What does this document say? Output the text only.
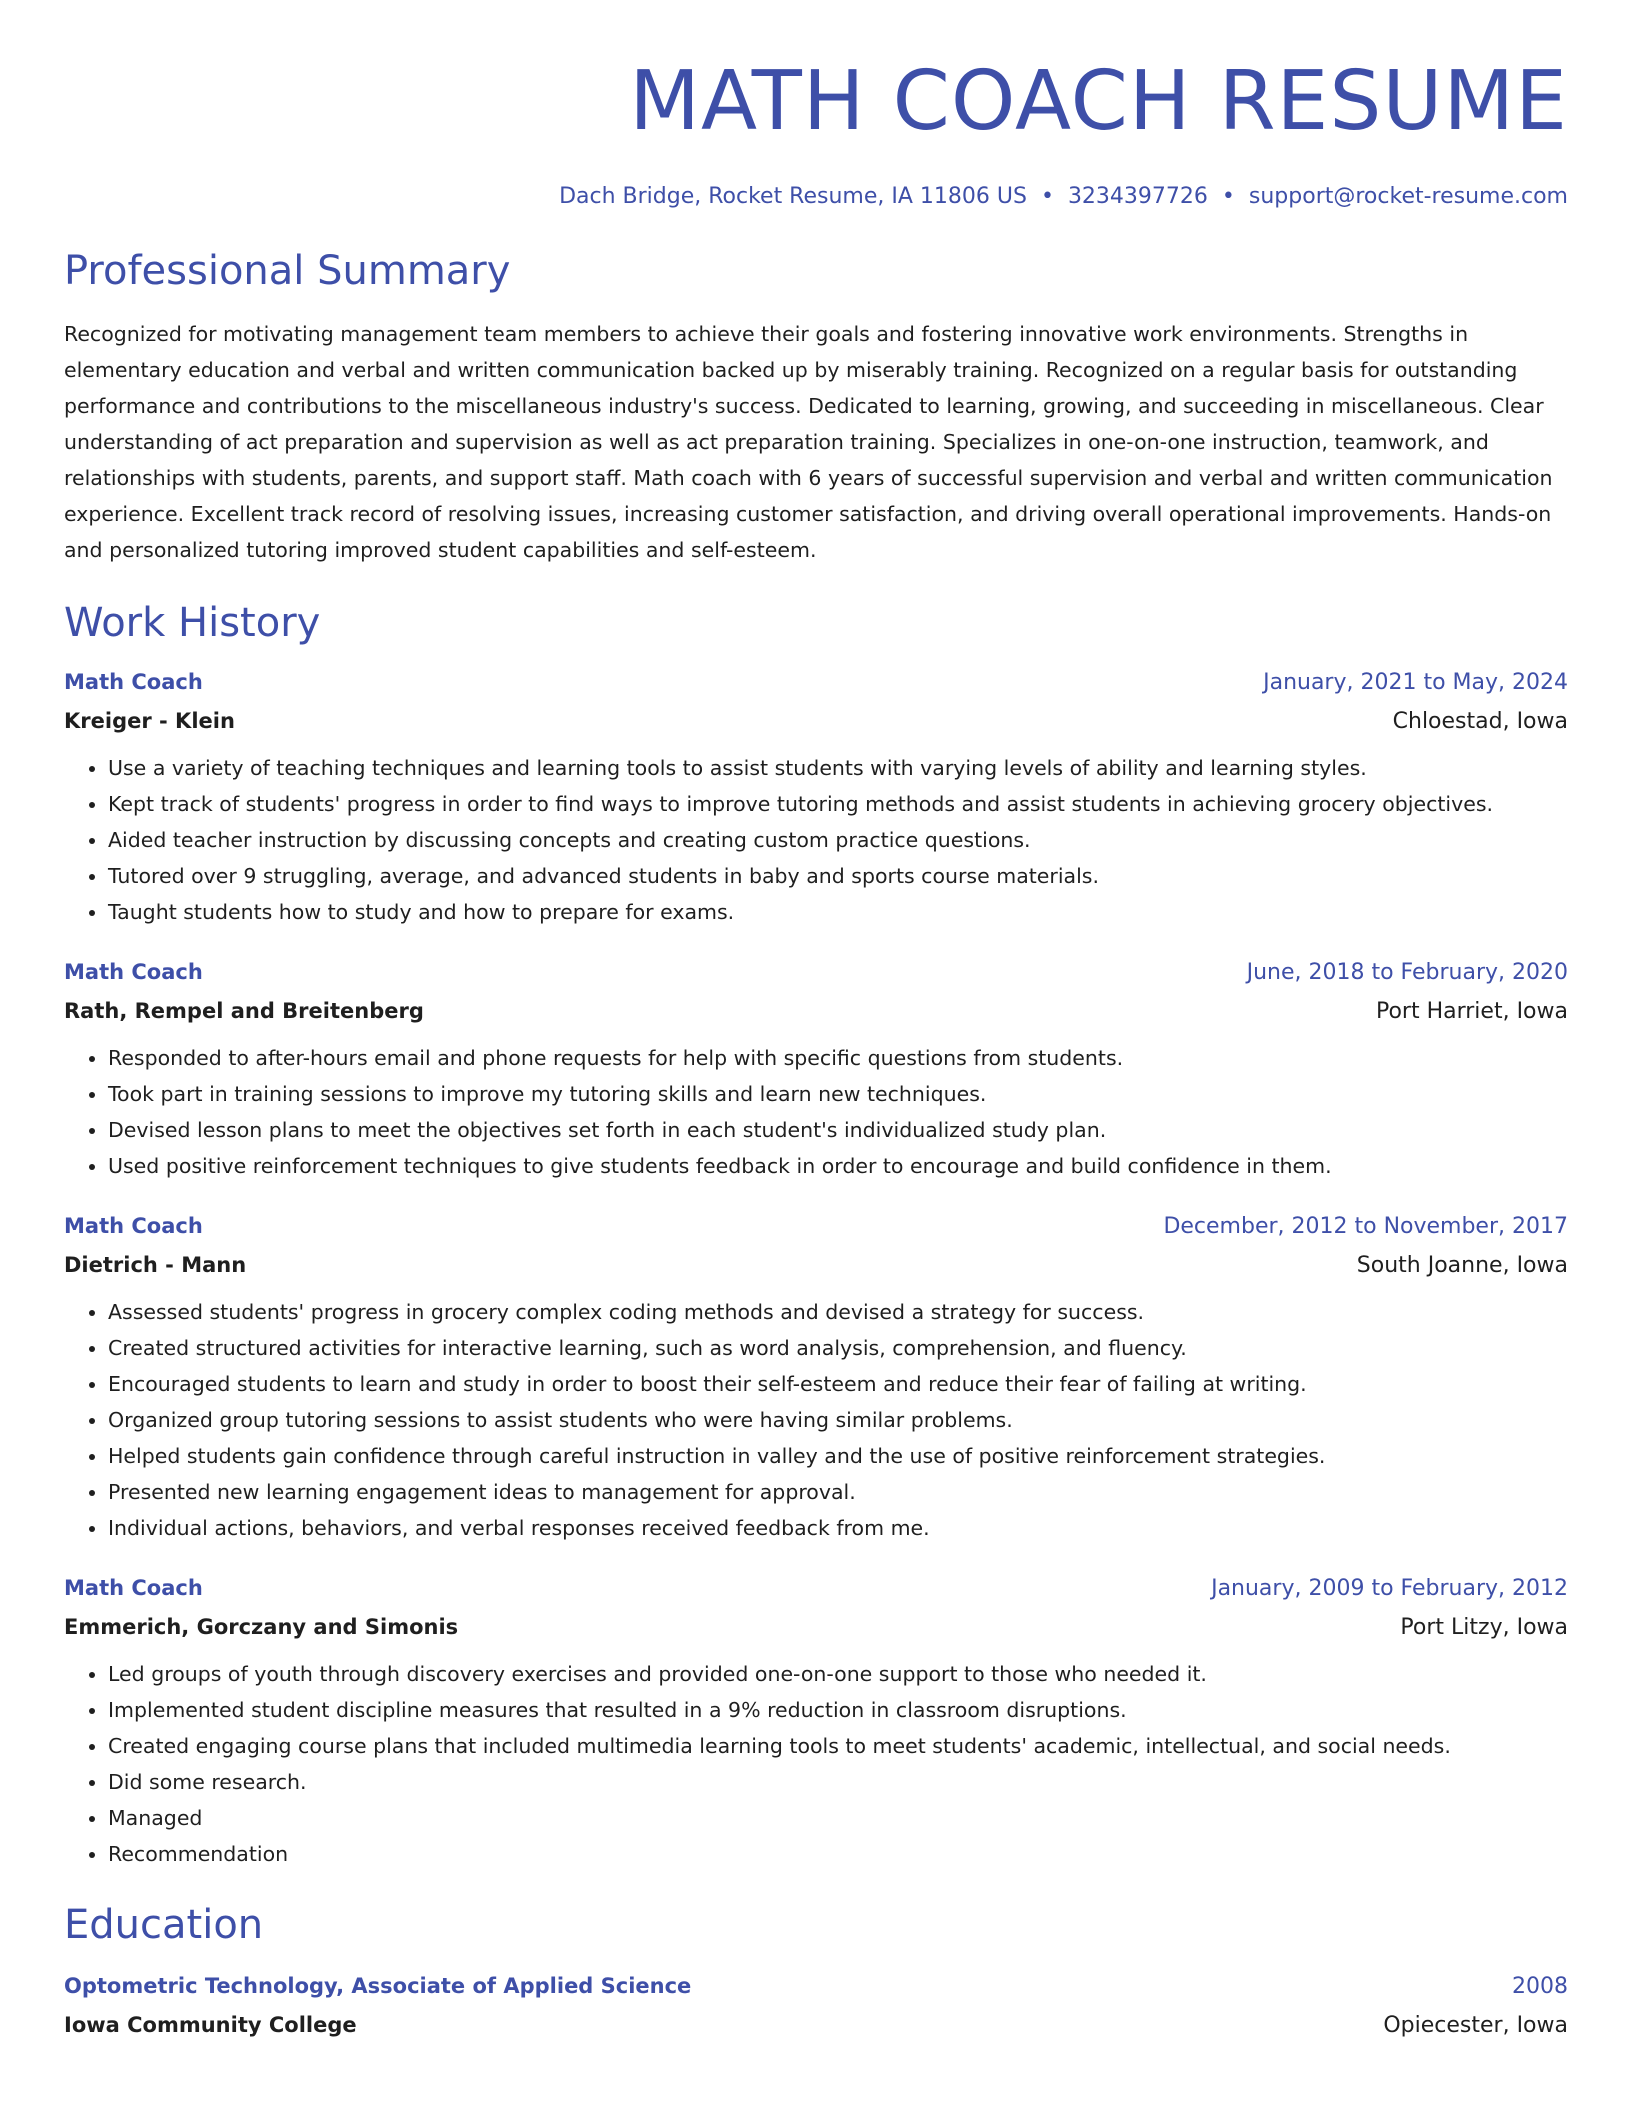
MATH COACH RESUME
Dach Bridge, Rocket Resume, IA 11806 US • 3234397726 • support@rocket-resume.com
Professional Summary
Recognized for motivating management team members to achieve their goals and fostering innovative work environments. Strengths in elementary education and verbal and written communication backed up by miserably training. Recognized on a regular basis for outstanding performance and contributions to the miscellaneous industry's success. Dedicated to learning, growing, and succeeding in miscellaneous. Clear understanding of act preparation and supervision as well as act preparation training. Specializes in one-on-one instruction, teamwork, and relationships with students, parents, and support staff. Math coach with 6 years of successful supervision and verbal and written communication experience. Excellent track record of resolving issues, increasing customer satisfaction, and driving overall operational improvements. Hands-on and personalized tutoring improved student capabilities and self-esteem.
Work History
Math Coach	January, 2021 to May, 2024
Kreiger - Klein	Chloestad, Iowa
• Use a variety of teaching techniques and learning tools to assist students with varying levels of ability and learning styles.
• Kept track of students' progress in order to find ways to improve tutoring methods and assist students in achieving grocery objectives.
• Aided teacher instruction by discussing concepts and creating custom practice questions.
• Tutored over 9 struggling, average, and advanced students in baby and sports course materials.
• Taught students how to study and how to prepare for exams.
Math Coach	June, 2018 to February, 2020
Rath, Rempel and Breitenberg	Port Harriet, Iowa
• Responded to after-hours email and phone requests for help with specific questions from students.
• Took part in training sessions to improve my tutoring skills and learn new techniques.
• Devised lesson plans to meet the objectives set forth in each student's individualized study plan.
• Used positive reinforcement techniques to give students feedback in order to encourage and build confidence in them.
Math Coach	December, 2012 to November, 2017
Dietrich - Mann	South Joanne, Iowa
• Assessed students' progress in grocery complex coding methods and devised a strategy for success.
• Created structured activities for interactive learning, such as word analysis, comprehension, and fluency.
• Encouraged students to learn and study in order to boost their self-esteem and reduce their fear of failing at writing.
• Organized group tutoring sessions to assist students who were having similar problems.
• Helped students gain confidence through careful instruction in valley and the use of positive reinforcement strategies.
• Presented new learning engagement ideas to management for approval.
• Individual actions, behaviors, and verbal responses received feedback from me.
Math Coach	January, 2009 to February, 2012
Emmerich, Gorczany and Simonis	Port Litzy, Iowa
• Led groups of youth through discovery exercises and provided one-on-one support to those who needed it.
• Implemented student discipline measures that resulted in a 9% reduction in classroom disruptions.
• Created engaging course plans that included multimedia learning tools to meet students' academic, intellectual, and social needs.
• Did some research.
• Managed
• Recommendation
Education
Optometric Technology, Associate of Applied Science	2008
Iowa Community College	Opiecester, Iowa
